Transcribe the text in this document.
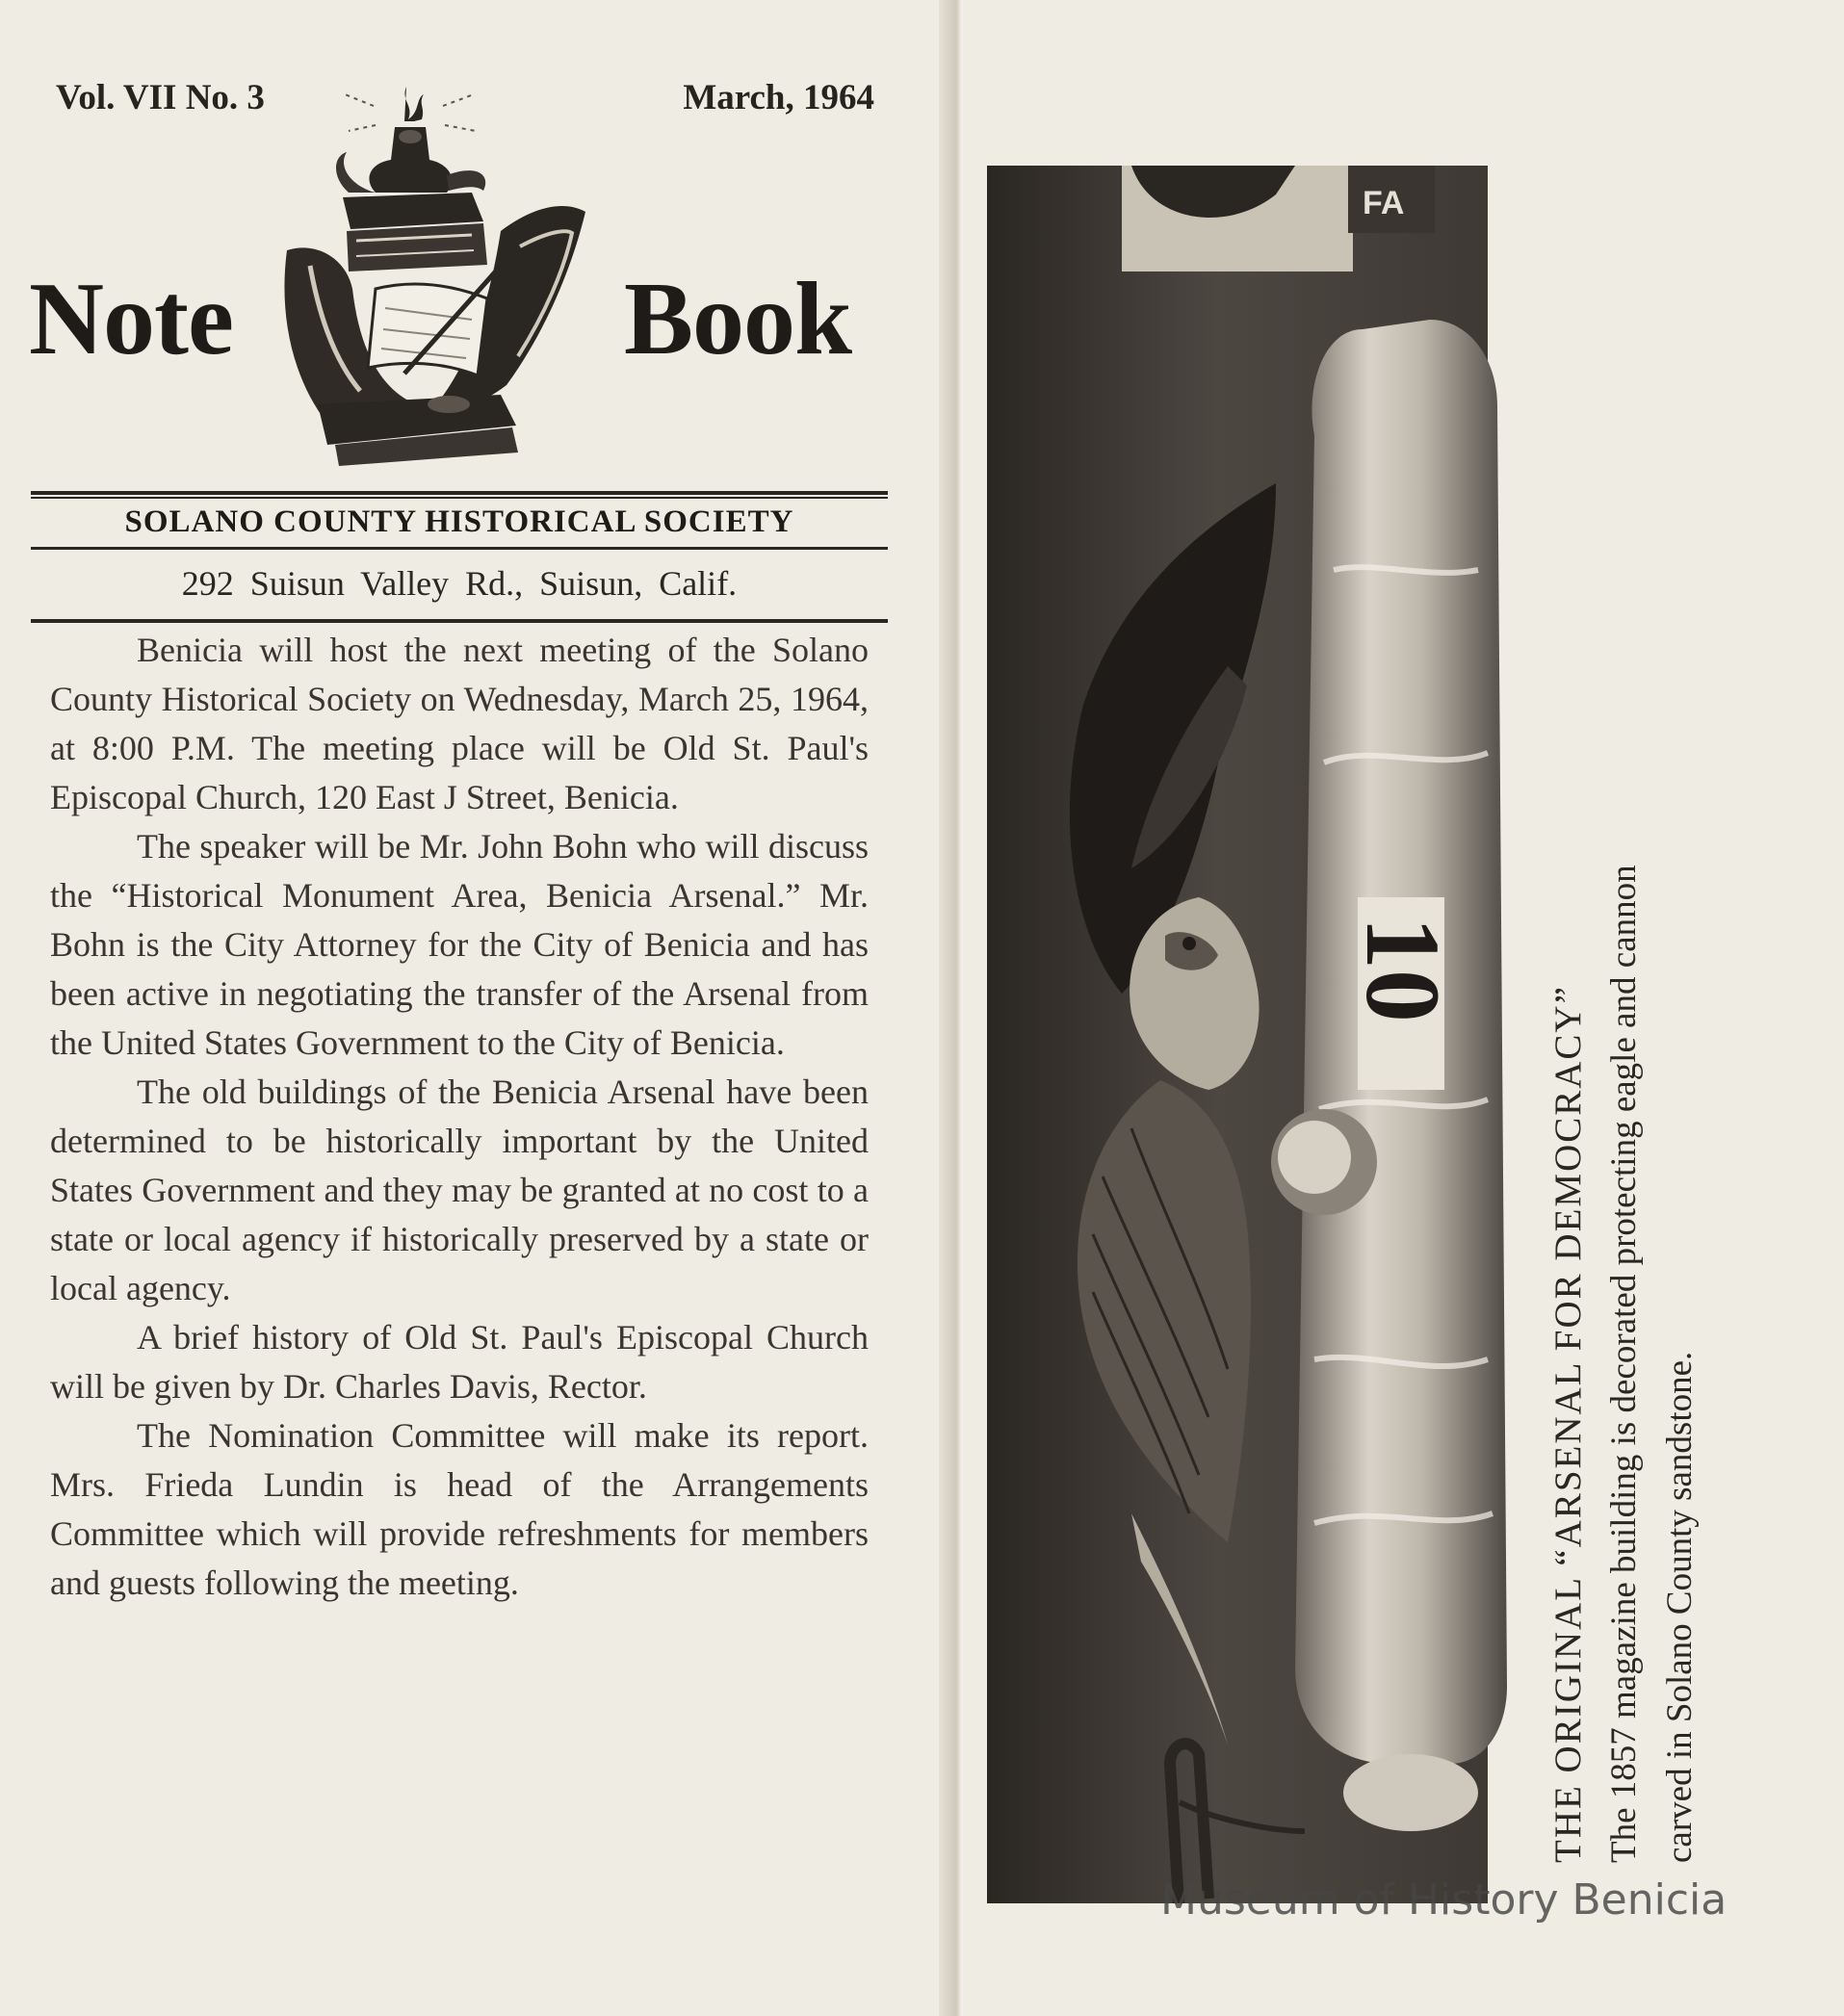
Vol. VII No. 3	March, 1964
Note	Book
SOLANO COUNTY HISTORICAL SOCIETY
292 Suisun Valley Rd., Suisun, Calif.

Benicia will host the next meeting of the Solano County Historical Society on Wednesday, March 25, 1964, at 8:00 P.M. The meeting place will be Old St. Paul's Episcopal Church, 120 East J Street, Benicia.

The speaker will be Mr. John Bohn who will discuss the “Historical Monument Area, Benicia Arsenal.” Mr. Bohn is the City Attorney for the City of Benicia and has been active in negotiating the transfer of the Arsenal from the United States Government to the City of Benicia.

The old buildings of the Benicia Arsenal have been determined to be historically important by the United States Government and they may be granted at no cost to a state or local agency if historically preserved by a state or local agency.

A brief history of Old St. Paul's Episcopal Church will be given by Dr. Charles Davis, Rector.

The Nomination Committee will make its report. Mrs. Frieda Lundin is head of the Arrangements Committee which will provide refreshments for members and guests following the meeting.

FA
10
THE ORIGINAL “ARSENAL FOR DEMOCRACY” The 1857 magazine building is decorated protecting eagle and cannon carved in Solano County sandstone.
Museum of History Benicia
